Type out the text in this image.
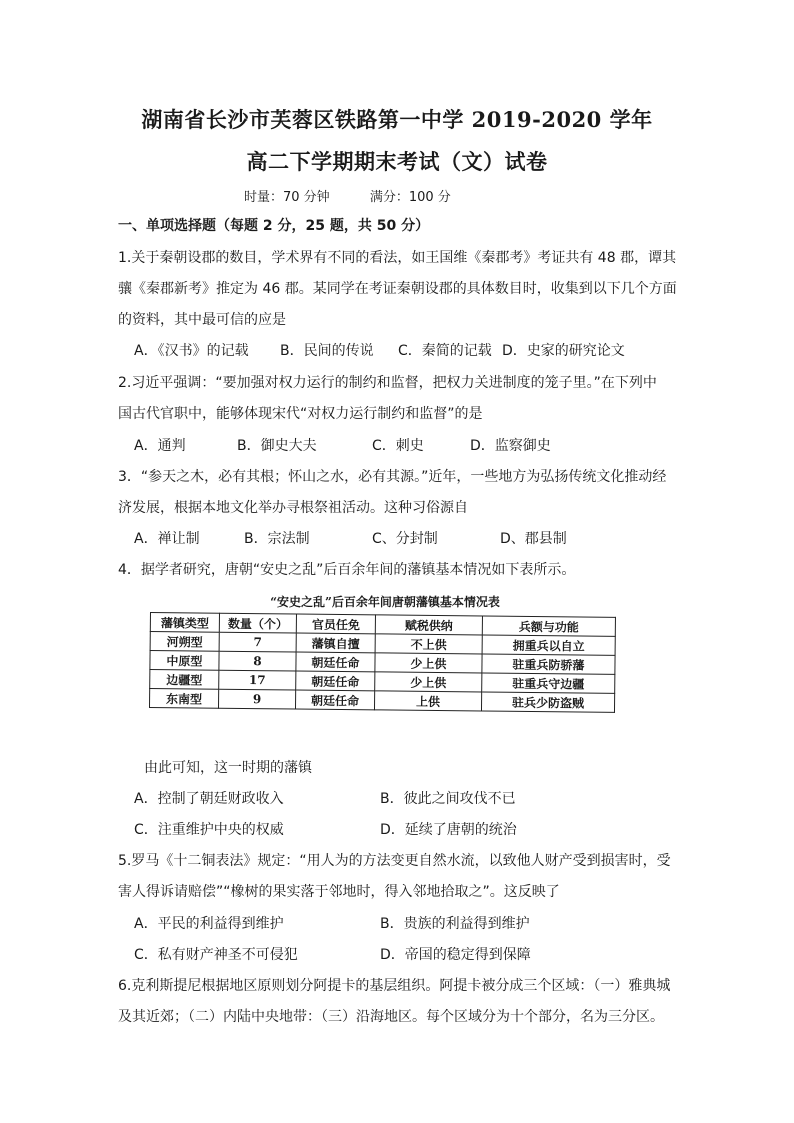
湖南省长沙市芙蓉区铁路第一中学 2019-2020 学年
高二下学期期末考试（文）试卷
时量：70 分钟	满分：100 分
一、单项选择题（每题 2 分，25 题，共 50 分）
1.关于秦朝设郡的数目，学术界有不同的看法，如王国维《秦郡考》考证共有 48 郡，谭其
骧《秦郡新考》推定为 46 郡。某同学在考证秦朝设郡的具体数目时，收集到以下几个方面
的资料，其中最可信的应是
A．《汉书》的记载 B．民间的传说 C．秦简的记载 D．史家的研究论文
2.习近平强调：“要加强对权力运行的制约和监督，把权力关进制度的笼子里。”在下列中
国古代官职中，能够体现宋代“对权力运行制约和监督”的是
A．通判	B．御史大夫	C．刺史	D．监察御史
3．“参天之木，必有其根；怀山之水，必有其源。”近年，一些地方为弘扬传统文化推动经
济发展，根据本地文化举办寻根祭祖活动。这种习俗源自
A．禅让制	B．宗法制	C、分封制	D、郡县制
4．据学者研究，唐朝“安史之乱”后百余年间的藩镇基本情况如下表所示。
“安史之乱”后百余年间唐朝藩镇基本情况表
藩镇类型	数量（个）	官员任免	赋税供纳	兵额与功能
河朔型	7	藩镇自擅	不上供	拥重兵以自立
中原型	8	朝廷任命	少上供	驻重兵防骄藩
边疆型	17	朝廷任命	少上供	驻重兵守边疆
东南型	9	朝廷任命	上供	驻兵少防盗贼
由此可知，这一时期的藩镇
A．控制了朝廷财政收入	B．彼此之间攻伐不已
C．注重维护中央的权威	D．延续了唐朝的统治
5.罗马《十二铜表法》规定：“用人为的方法变更自然水流，以致他人财产受到损害时，受
害人得诉请赔偿”“橡树的果实落于邻地时，得入邻地拾取之”。这反映了
A．平民的利益得到维护	B．贵族的利益得到维护
C．私有财产神圣不可侵犯	D．帝国的稳定得到保障
6.克利斯提尼根据地区原则划分阿提卡的基层组织。阿提卡被分成三个区域：（一）雅典城
及其近郊；（二）内陆中央地带：（三）沿海地区。每个区域分为十个部分，名为三分区。
